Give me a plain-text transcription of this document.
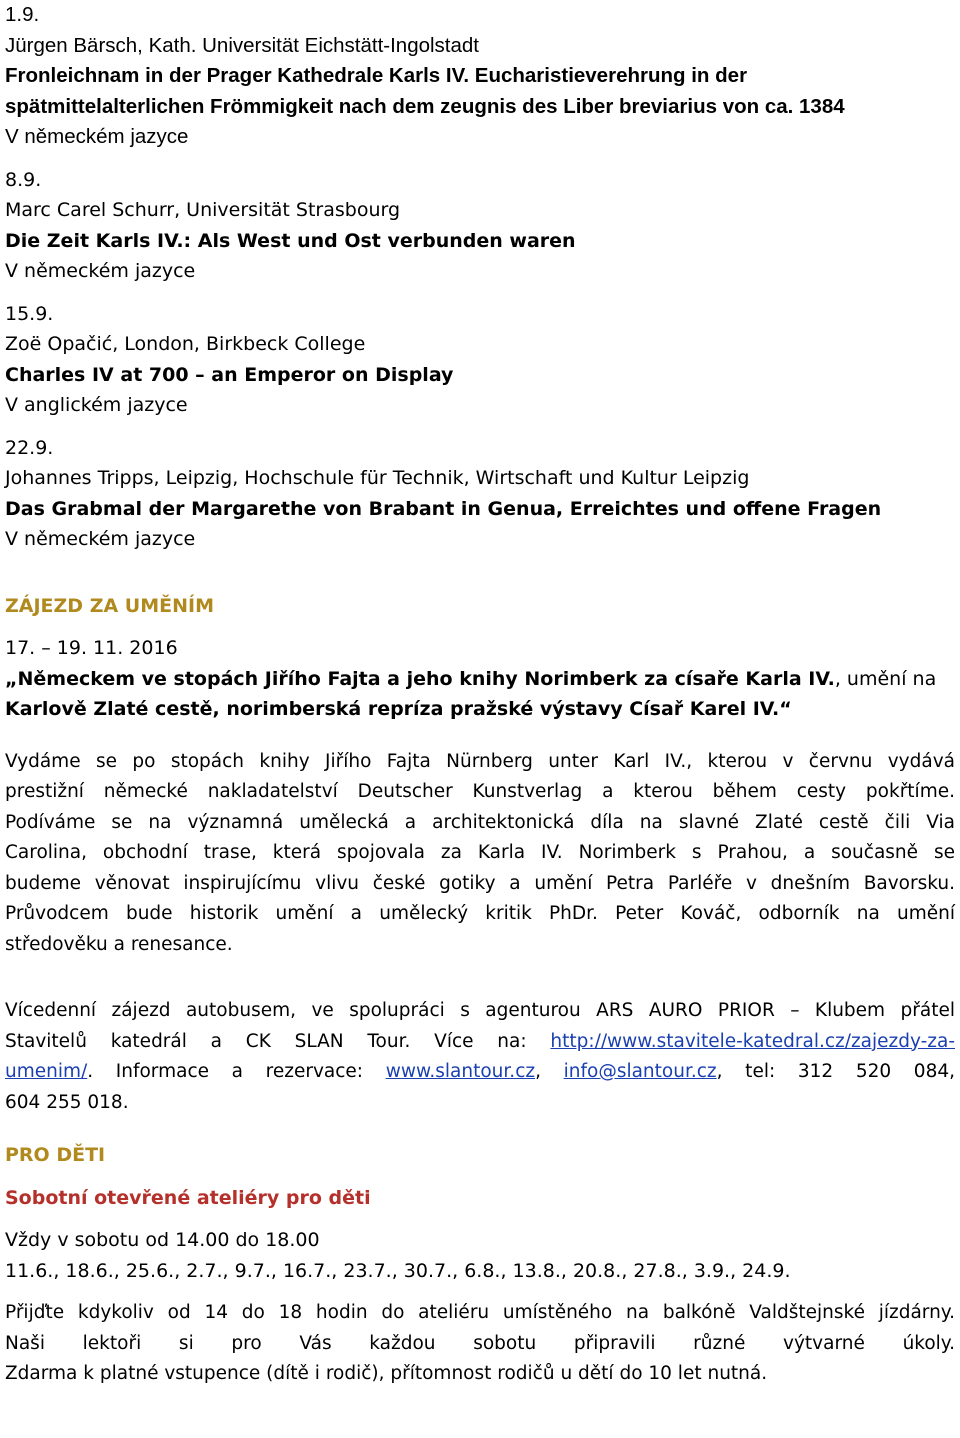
1.9.
Jürgen Bärsch, Kath. Universität Eichstätt-Ingolstadt
Fronleichnam in der Prager Kathedrale Karls IV. Eucharistieverehrung in der
spätmittelalterlichen Frömmigkeit nach dem zeugnis des Liber breviarius von ca. 1384
V německém jazyce
8.9.
Marc Carel Schurr, Universität Strasbourg
Die Zeit Karls IV.: Als West und Ost verbunden waren
V německém jazyce
15.9.
Zoë Opačić, London, Birkbeck College
Charles IV at 700 – an Emperor on Display
V anglickém jazyce
22.9.
Johannes Tripps, Leipzig, Hochschule für Technik, Wirtschaft und Kultur Leipzig
Das Grabmal der Margarethe von Brabant in Genua, Erreichtes und offene Fragen
V německém jazyce
ZÁJEZD ZA UMĚNÍM
17. – 19. 11. 2016
„Německem ve stopách Jiřího Fajta a jeho knihy Norimberk za císaře Karla IV., umění na
Karlově Zlaté cestě, norimberská repríza pražské výstavy Císař Karel IV.“
Vydáme se po stopách knihy Jiřího Fajta Nürnberg unter Karl IV., kterou v červnu vydává
prestižní německé nakladatelství Deutscher Kunstverlag a kterou během cesty pokřtíme.
Podíváme se na významná umělecká a architektonická díla na slavné Zlaté cestě čili Via
Carolina, obchodní trase, která spojovala za Karla IV. Norimberk s Prahou, a současně se
budeme věnovat inspirujícímu vlivu české gotiky a umění Petra Parléře v dnešním Bavorsku.
Průvodcem bude historik umění a umělecký kritik PhDr. Peter Kováč, odborník na umění
středověku a renesance.
Vícedenní zájezd autobusem, ve spolupráci s agenturou ARS AURO PRIOR – Klubem přátel
Stavitelů katedrál a CK SLAN Tour. Více na: http://www.stavitele-katedral.cz/zajezdy-za-
umenim/. Informace a rezervace: www.slantour.cz, info@slantour.cz, tel: 312 520 084,
604 255 018.
PRO DĚTI
Sobotní otevřené ateliéry pro děti
Vždy v sobotu od 14.00 do 18.00
11.6., 18.6., 25.6., 2.7., 9.7., 16.7., 23.7., 30.7., 6.8., 13.8., 20.8., 27.8., 3.9., 24.9.
Přijďte kdykoliv od 14 do 18 hodin do ateliéru umístěného na balkóně Valdštejnské jízdárny.
Naši lektoři si pro Vás každou sobotu připravili různé výtvarné úkoly.
Zdarma k platné vstupence (dítě i rodič), přítomnost rodičů u dětí do 10 let nutná.
